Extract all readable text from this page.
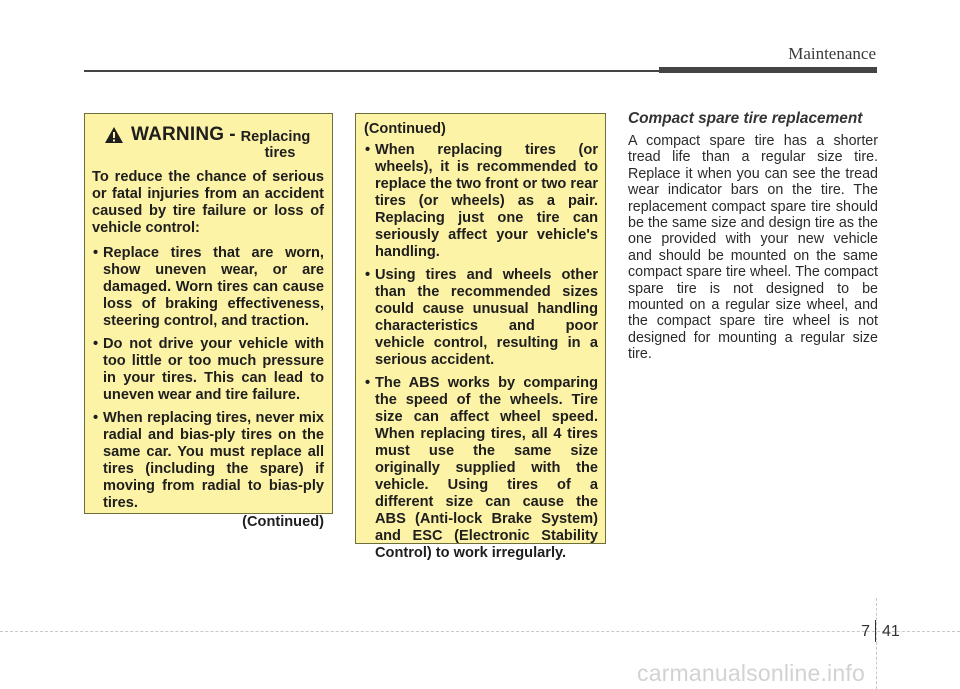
Maintenance
WARNING - Replacing
tires

To reduce the chance of serious or fatal injuries from an accident caused by tire failure or loss of vehicle control:

• Replace tires that are worn, show uneven wear, or are damaged. Worn tires can cause loss of braking effectiveness, steering control, and traction.
• Do not drive your vehicle with too little or too much pressure in your tires. This can lead to uneven wear and tire failure.
• When replacing tires, never mix radial and bias-ply tires on the same car. You must replace all tires (including the spare) if moving from radial to bias-ply tires.
(Continued)
(Continued)
• When replacing tires (or wheels), it is recommended to replace the two front or two rear tires (or wheels) as a pair. Replacing just one tire can seriously affect your vehicle's handling.
• Using tires and wheels other than the recommended sizes could cause unusual handling characteristics and poor vehicle control, resulting in a serious accident.
• The ABS works by comparing the speed of the wheels. Tire size can affect wheel speed. When replacing tires, all 4 tires must use the same size originally supplied with the vehicle. Using tires of a different size can cause the ABS (Anti-lock Brake System) and ESC (Electronic Stability Control) to work irregularly.
Compact spare tire replacement
A compact spare tire has a shorter tread life than a regular size tire. Replace it when you can see the tread wear indicator bars on the tire. The replacement compact spare tire should be the same size and design tire as the one provided with your new vehicle and should be mounted on the same compact spare tire wheel. The compact spare tire is not designed to be mounted on a regular size wheel, and the compact spare tire wheel is not designed for mounting a regular size tire.
7 41
carmanualsonline.info
